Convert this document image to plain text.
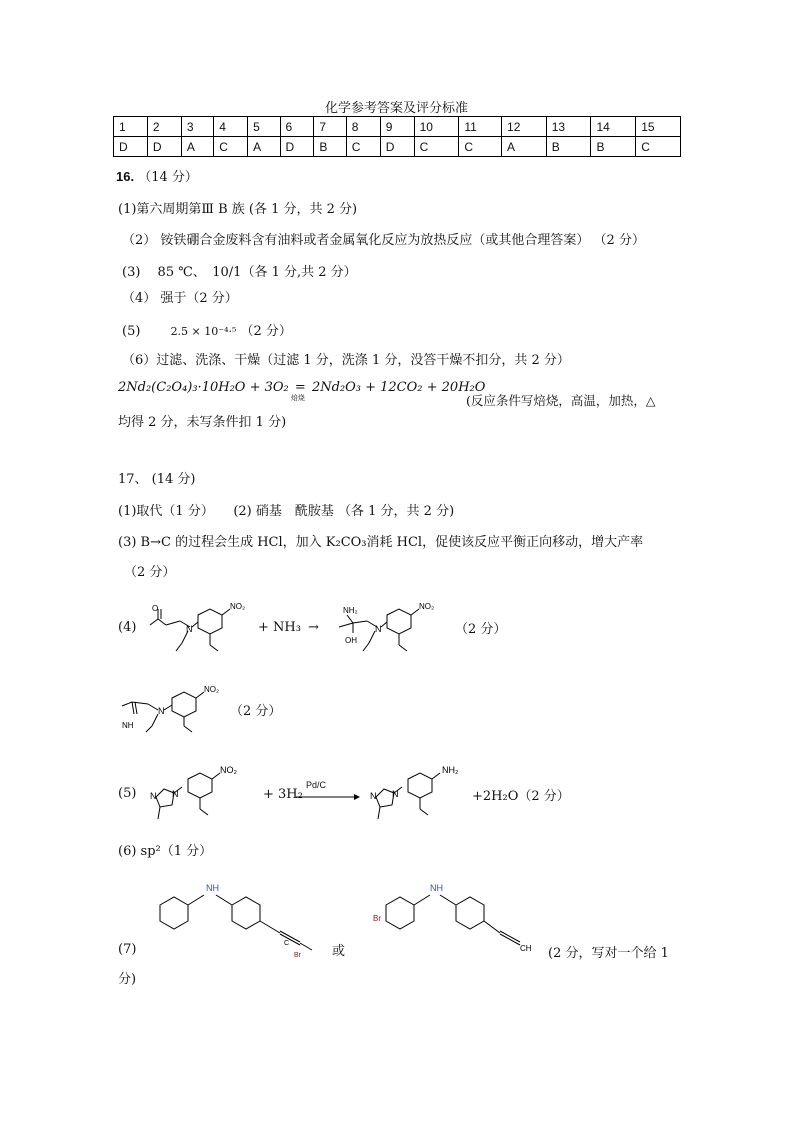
化学参考答案及评分标准
1	2	3	4	5	6	7	8	9	10	11	12	13	14	15
D	D	A	C	A	D	B	C	D	C	C	A	B	B	C
16. （14 分）
(1)第六周期第Ⅲ B 族 (各 1 分，共 2 分)
（2） 铵铁硼合金废料含有油料或者金属氧化反应为放热反应（或其他合理答案） （2 分）
(3)　 85 ℃、　10/1（各 1 分,共 2 分）
（4） 强于（2 分）
(5)	2.5 × 10⁻⁴·⁵ （2 分）
（6）过滤、洗涤、干燥（过滤 1 分，洗涤 1 分，没答干燥不扣分，共 2 分）
2Nd₂(C₂O₄)₃·10H₂O + 3O₂ =
焙烧
2Nd₂O₃ + 12CO₂ + 20H₂O
(反应条件写焙烧，高温，加热，△
均得 2 分，未写条件扣 1 分)
17、 (14 分)
(1)取代（1 分）　　(2) 硝基　酰胺基 （各 1 分，共 2 分)
(3) B→C 的过程会生成 HCl，加入 K₂CO₃消耗 HCl，促使该反应平衡正向移动，增大产率
（2 分）
(4)	N
NO₂
O
+ NH₃ →
NH₂
OH
N
NO₂
（2 分）
NH
N
NO₂
（2 分）
(5)	N
N
NO₂
+ 3H₂
Pd/C
N
N
NH₂
+2H₂O（2 分）
(6) sp²（1 分）
(7)
NH
Br
C
或
Br
NH
CH (2 分，写对一个给 1
分)
